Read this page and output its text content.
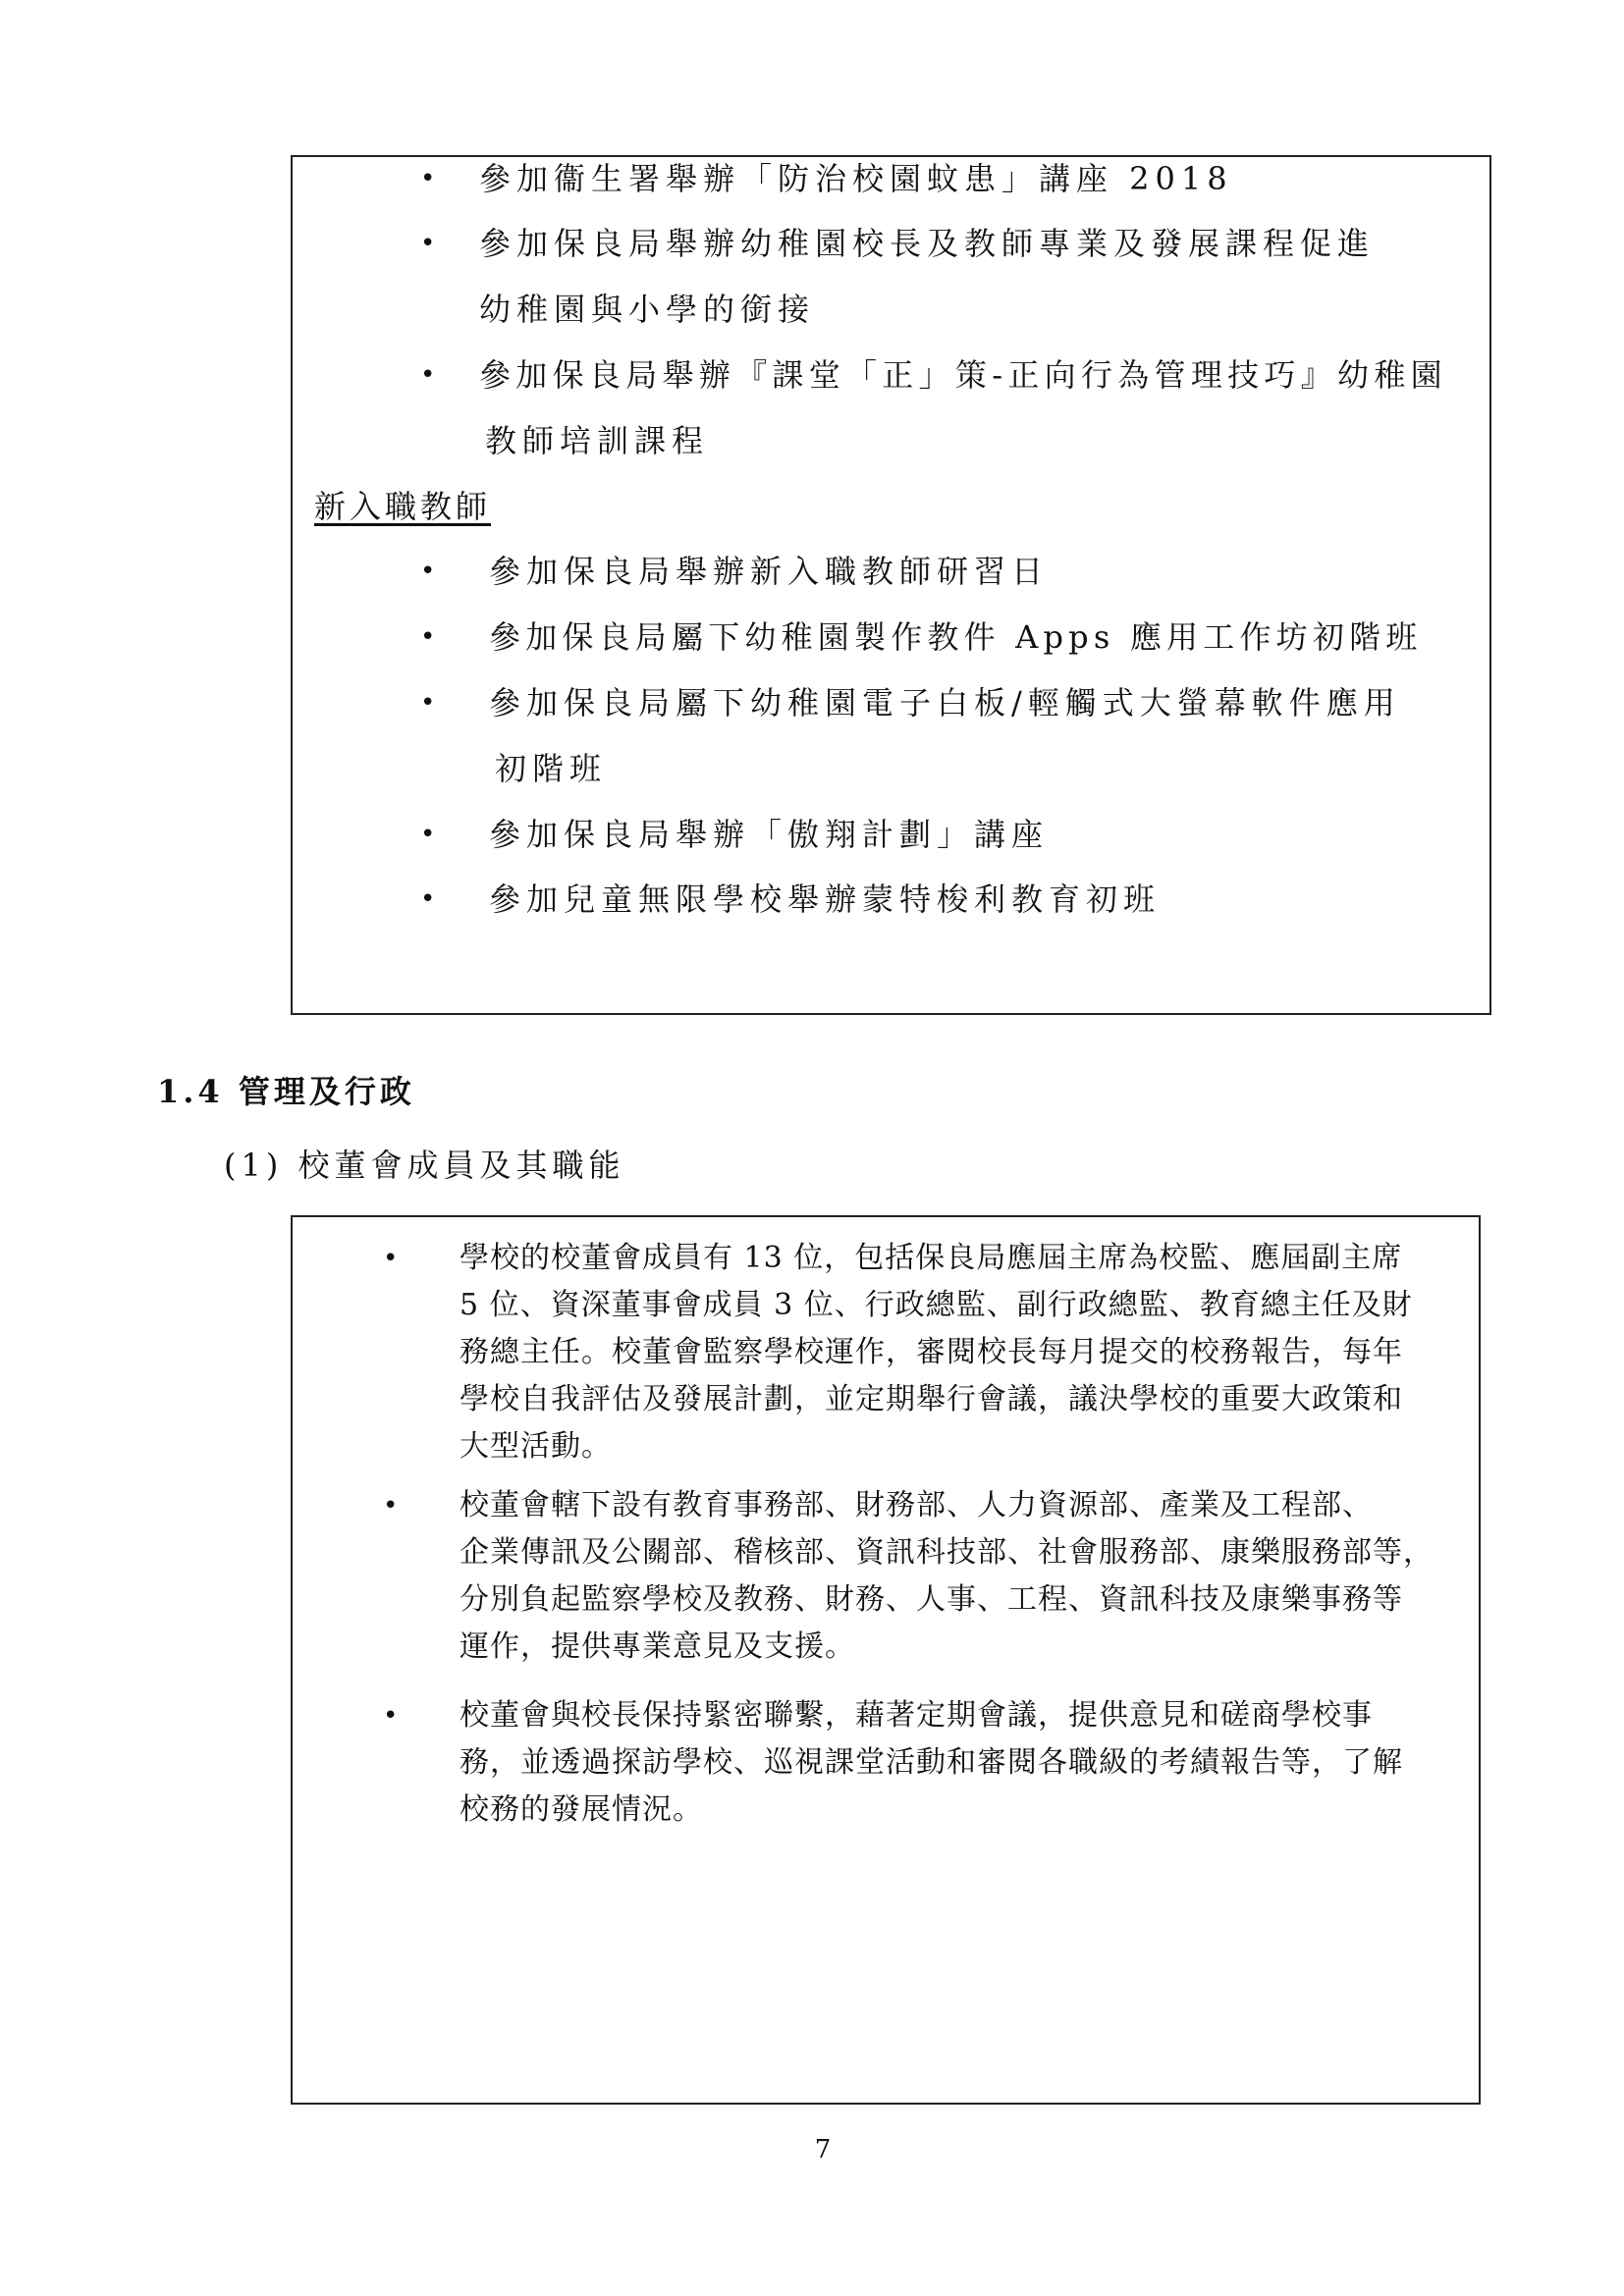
• 參加衞生署舉辦「防治校園蚊患」講座 2018
• 參加保良局舉辦幼稚園校長及教師專業及發展課程促進
幼稚園與小學的銜接
• 參加保良局舉辦『課堂「正」策-正向行為管理技巧』幼稚園
教師培訓課程
新入職教師
• 參加保良局舉辦新入職教師研習日
• 參加保良局屬下幼稚園製作教件 Apps 應用工作坊初階班
• 參加保良局屬下幼稚園電子白板/輕觸式大螢幕軟件應用
初階班
• 參加保良局舉辦「傲翔計劃」講座
• 參加兒童無限學校舉辦蒙特梭利教育初班
1.4 管理及行政
(1) 校董會成員及其職能
• 學校的校董會成員有 13 位，包括保良局應屆主席為校監、應屆副主席
5 位、資深董事會成員 3 位、行政總監、副行政總監、教育總主任及財
務總主任。校董會監察學校運作，審閱校長每月提交的校務報告，每年
學校自我評估及發展計劃，並定期舉行會議，議決學校的重要大政策和
大型活動。
• 校董會轄下設有教育事務部、財務部、人力資源部、產業及工程部、
企業傳訊及公關部、稽核部、資訊科技部、社會服務部、康樂服務部等，
分別負起監察學校及教務、財務、人事、工程、資訊科技及康樂事務等
運作，提供專業意見及支援。
• 校董會與校長保持緊密聯繫，藉著定期會議，提供意見和磋商學校事
務，並透過探訪學校、巡視課堂活動和審閱各職級的考績報告等，了解
校務的發展情況。
7
